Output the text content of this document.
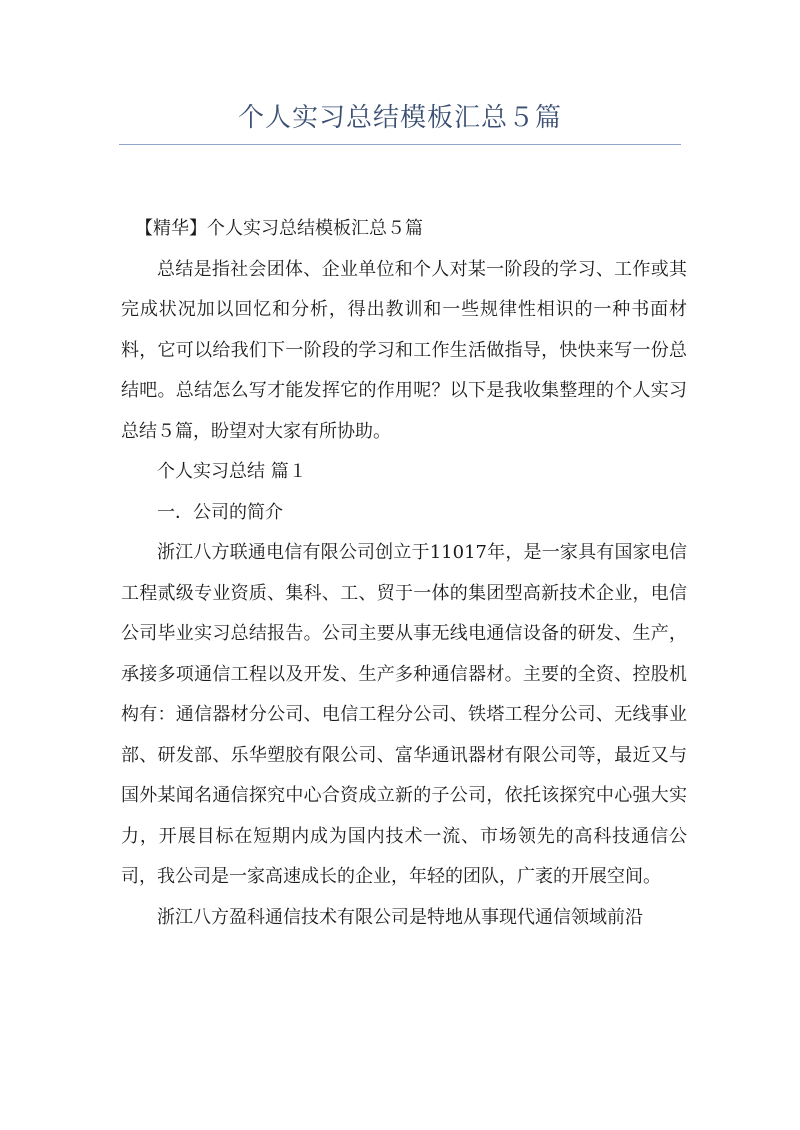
个人实习总结模板汇总５篇

【精华】个人实习总结模板汇总５篇

总结是指社会团体、企业单位和个人对某一阶段的学习、工作或其完成状况加以回忆和分析，得出教训和一些规律性相识的一种书面材料，它可以给我们下一阶段的学习和工作生活做指导，快快来写一份总结吧。总结怎么写才能发挥它的作用呢？以下是我收集整理的个人实习总结５篇，盼望对大家有所协助。

个人实习总结 篇１

一．公司的简介

浙江八方联通电信有限公司创立于11017年，是一家具有国家电信工程贰级专业资质、集科、工、贸于一体的集团型高新技术企业，电信公司毕业实习总结报告。公司主要从事无线电通信设备的研发、生产，承接多项通信工程以及开发、生产多种通信器材。主要的全资、控股机构有：通信器材分公司、电信工程分公司、铁塔工程分公司、无线事业部、研发部、乐华塑胶有限公司、富华通讯器材有限公司等，最近又与国外某闻名通信探究中心合资成立新的子公司，依托该探究中心强大实力，开展目标在短期内成为国内技术一流、市场领先的高科技通信公司，我公司是一家高速成长的企业，年轻的团队，广袤的开展空间。

浙江八方盈科通信技术有限公司是特地从事现代通信领域前沿
